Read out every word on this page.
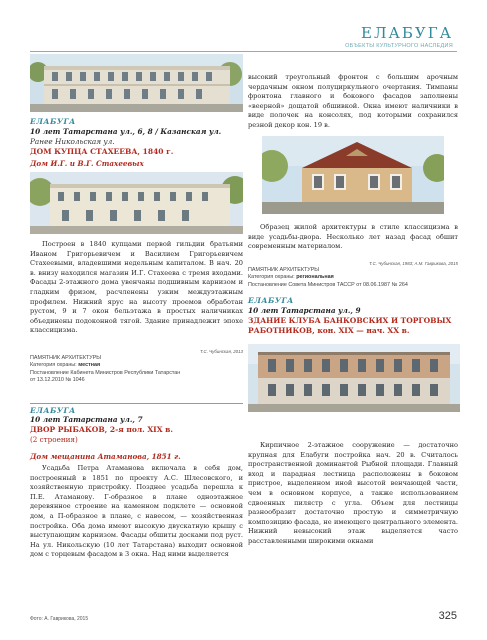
ЕЛАБУГА
ОБЪЕКТЫ КУЛЬТУРНОГО НАСЛЕДИЯ
ЕЛАБУГА
10 лет Татарстана ул., 6, 8 / Казанская ул.
Ранее Никольская ул.
ДОМ КУПЦА СТАХЕЕВА, 1840 г.
Дом И.Г. и В.Г. Стахеевых
Построен в 1840 купцами первой гильдии братьями Иваном Григорьевичем и Василием Григорьевичем Стахеевыми, владевшими недельным капиталом. В нач. 20 в. внизу находился магазин И.Г. Стахеева с тремя входами. Фасады 2-этажного дома увенчаны подшивным карнизом и гладким фризом, расчленены узким междуэтажным профилем. Нижний ярус на высоту проемов обработан рустом, 9 и 7 окон бельэтажа в простых наличниках объединены подоконной тягой. Здание принадлежит эпохе классицизма.
Т.С. Чубинская, 2013
ПАМЯТНИК АРХИТЕКТУРЫ
Категория охраны: местная
Постановление Кабинета Министров Республики Татарстан
от 13.12.2010 № 1046
высокий треугольный фронтон с большим арочным чердачным окном полуциркульного очертания. Тимпаны фронтона главного и бокового фасадов заполнены «веерной» дощатой обшивкой. Окна имеют наличники в виде полочек на консолях, под которыми сохранился резной декор кон. 19 в.
Образец жилой архитектуры в стиле классицизма в виде усадьбы-двора. Несколько лет назад фасад обшит современным материалом.
Т.С. Чубинская, 1983; А.М. Гаврикова, 2015
ПАМЯТНИК АРХИТЕКТУРЫ
Категория охраны: региональная
Постановление Совета Министров ТАССР от 08.06.1987 № 264
ЕЛАБУГА
10 лет Татарстана ул., 9
ЗДАНИЕ КЛУБА БАНКОВСКИХ И ТОРГОВЫХ РАБОТНИКОВ, кон. XIX — нач. XX в.
ЕЛАБУГА
10 лет Татарстана ул., 7
ДВОР РЫБАКОВ, 2-я пол. XIX в.
(2 строения)
Дом мещанина Атаманова, 1851 г.
Усадьба Петра Атаманова включала в себя дом, построенный в 1851 по проекту А.С. Шлесовского, и хозяйственную пристройку. Позднее усадьба перешла к П.Е. Атаманову. Г-образное в плане одноэтажное деревянное строение на каменном подклете — основной дом, а П-образное в плане, с навесом, — хозяйственная постройка. Оба дома имеют высокую двускатную крышу с выступающим карнизом. Фасады обшиты досками под руст. На ул. Никольскую (10 лет Татарстана) выходит основной дом с торцевым фасадом в 3 окна. Над ними выделяется
Кирпичное 2-этажное сооружение — достаточно крупная для Елабуги постройка нач. 20 в. Считалось пространственной доминантой Рыбной площади. Главный вход и парадная лестница расположены в боковом пристрое, выделенном иной высотой венчающей части, чем в основном корпусе, а также использованием сдвоенных пилястр с угла. Объем для лестницы разнообразит достаточно простую и симметричную композицию фасада, не имеющего центрального элемента. Нижний невысокий этаж выделяется часто расставленными широкими окнами
Фото: А. Гаврикова, 2015	325
